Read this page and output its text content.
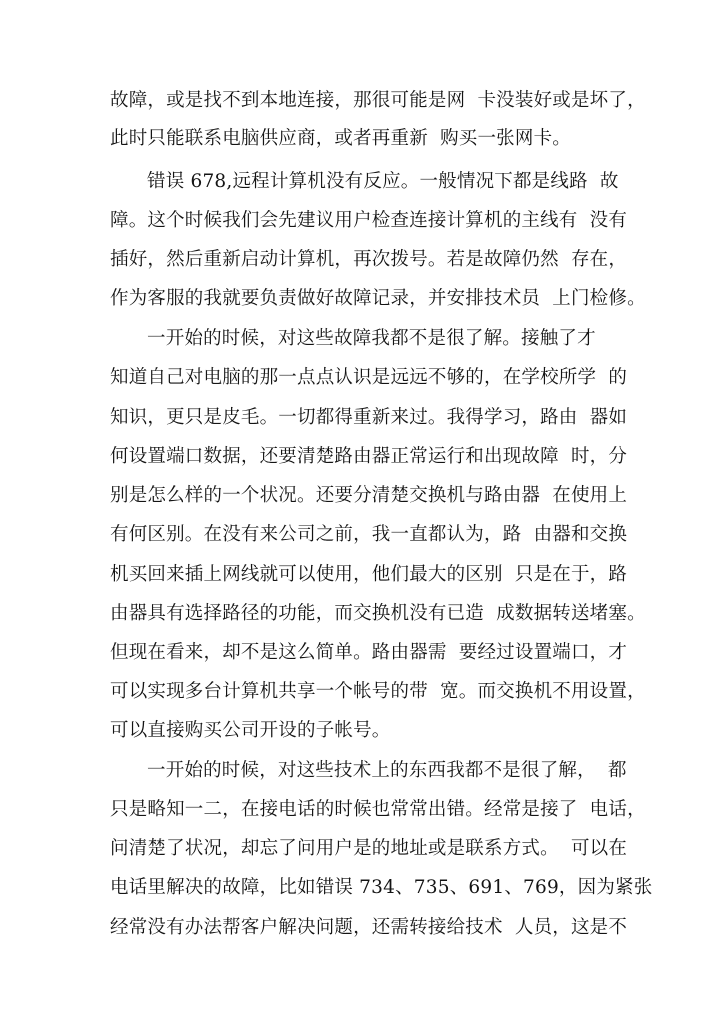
故障，或是找不到本地连接，那很可能是网  卡没装好或是坏了，
此时只能联系电脑供应商，或者再重新  购买一张网卡。
错误 678,远程计算机没有反应。一般情况下都是线路  故
障。这个时候我们会先建议用户检查连接计算机的主线有  没有
插好，然后重新启动计算机，再次拨号。若是故障仍然  存在，
作为客服的我就要负责做好故障记录，并安排技术员  上门检修。
一开始的时候，对这些故障我都不是很了解。接触了才
知道自己对电脑的那一点点认识是远远不够的，在学校所学  的
知识，更只是皮毛。一切都得重新来过。我得学习，路由  器如
何设置端口数据，还要清楚路由器正常运行和出现故障  时，分
别是怎么样的一个状况。还要分清楚交换机与路由器  在使用上
有何区别。在没有来公司之前，我一直都认为，路  由器和交换
机买回来插上网线就可以使用，他们最大的区别  只是在于，路
由器具有选择路径的功能，而交换机没有已造  成数据转送堵塞。
但现在看来，却不是这么简单。路由器需  要经过设置端口，才
可以实现多台计算机共享一个帐号的带  宽。而交换机不用设置，
可以直接购买公司开设的子帐号。
一开始的时候，对这些技术上的东西我都不是很了解，  都
只是略知一二，在接电话的时候也常常出错。经常是接了  电话，
问清楚了状况，却忘了问用户是的地址或是联系方式。  可以在
电话里解决的故障，比如错误 734、735、691、769，因为紧张
经常没有办法帮客户解决问题，还需转接给技术  人员，这是不
